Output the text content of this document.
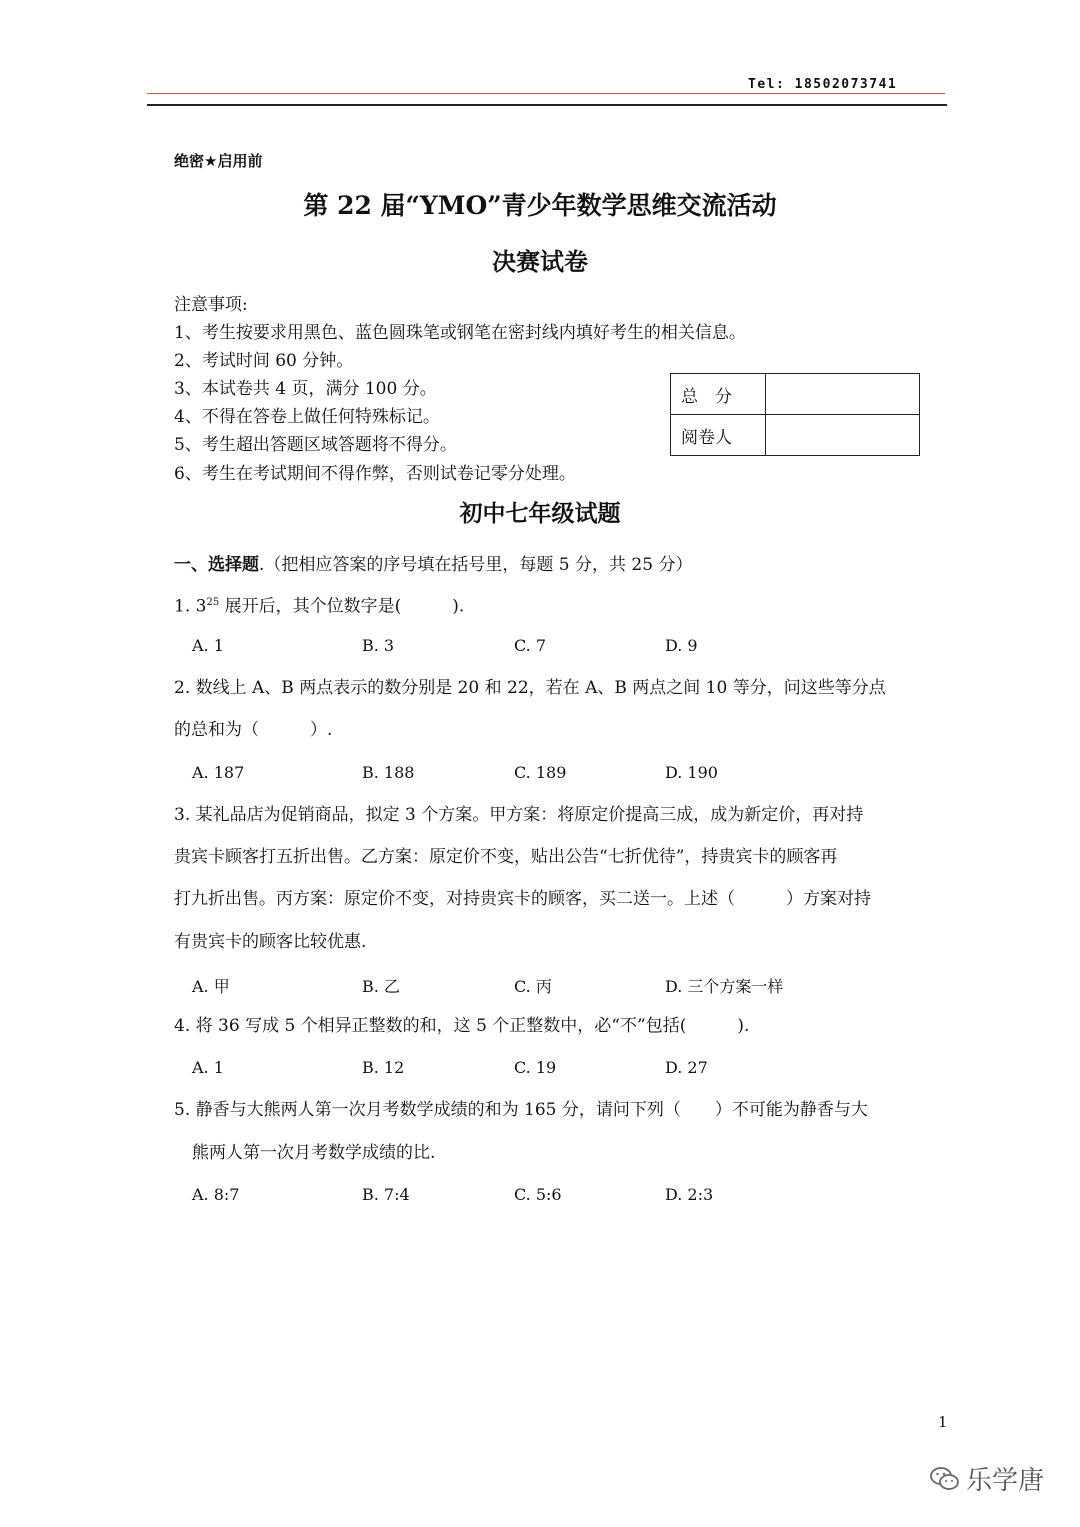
Tel: 18502073741
绝密★启用前
第 22 届“YMO”青少年数学思维交流活动
决赛试卷
注意事项:
1、考生按要求用黑色、蓝色圆珠笔或钢笔在密封线内填好考生的相关信息。
2、考试时间 60 分钟。
3、本试卷共 4 页，满分 100 分。
4、不得在答卷上做任何特殊标记。
5、考生超出答题区域答题将不得分。
6、考生在考试期间不得作弊，否则试卷记零分处理。
总　分	
阅卷人	
初中七年级试题
一、选择题.（把相应答案的序号填在括号里，每题 5 分，共 25 分）
1. $3^{25}$ 展开后，其个位数字是(　　　).
A. 1	B. 3	C. 7	D. 9
2. 数线上 A、B 两点表示的数分别是 20 和 22，若在 A、B 两点之间 10 等分，问这些等分点
的总和为（　　　）.
A. 187	B. 188	C. 189	D. 190
3. 某礼品店为促销商品，拟定 3 个方案。甲方案：将原定价提高三成，成为新定价，再对持
贵宾卡顾客打五折出售。乙方案：原定价不变，贴出公告“七折优待”，持贵宾卡的顾客再
打九折出售。丙方案：原定价不变，对持贵宾卡的顾客，买二送一。上述（　　　）方案对持
有贵宾卡的顾客比较优惠.
A. 甲	B. 乙	C. 丙	D. 三个方案一样
4. 将 36 写成 5 个相异正整数的和，这 5 个正整数中，必“不”包括(　　　).
A. 1	B. 12	C. 19	D. 27
5. 静香与大熊两人第一次月考数学成绩的和为 165 分，请问下列（　　）不可能为静香与大
熊两人第一次月考数学成绩的比.
A. 8:7	B. 7:4	C. 5:6	D. 2:3
1
乐学唐
